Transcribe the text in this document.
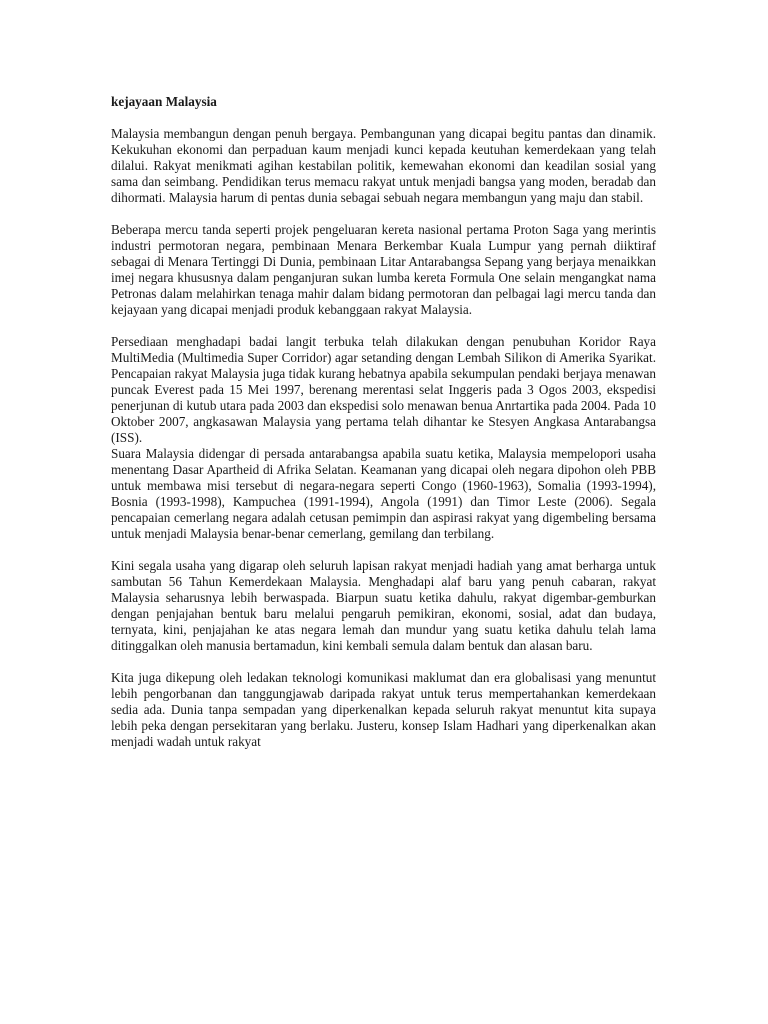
kejayaan Malaysia

Malaysia membangun dengan penuh bergaya. Pembangunan yang dicapai begitu pantas dan dinamik. Kekukuhan ekonomi dan perpaduan kaum menjadi kunci kepada keutuhan kemerdekaan yang telah dilalui. Rakyat menikmati agihan kestabilan politik, kemewahan ekonomi dan keadilan sosial yang sama dan seimbang. Pendidikan terus memacu rakyat untuk menjadi bangsa yang moden, beradab dan dihormati. Malaysia harum di pentas dunia sebagai sebuah negara membangun yang maju dan stabil.

Beberapa mercu tanda seperti projek pengeluaran kereta nasional pertama Proton Saga yang merintis industri permotoran negara, pembinaan Menara Berkembar Kuala Lumpur yang pernah diiktiraf sebagai di Menara Tertinggi Di Dunia, pembinaan Litar Antarabangsa Sepang yang berjaya menaikkan imej negara khususnya dalam penganjuran sukan lumba kereta Formula One selain mengangkat nama Petronas dalam melahirkan tenaga mahir dalam bidang permotoran dan pelbagai lagi mercu tanda dan kejayaan yang dicapai menjadi produk kebanggaan rakyat Malaysia.

Persediaan menghadapi badai langit terbuka telah dilakukan dengan penubuhan Koridor Raya MultiMedia (Multimedia Super Corridor) agar setanding dengan Lembah Silikon di Amerika Syarikat. Pencapaian rakyat Malaysia juga tidak kurang hebatnya apabila sekumpulan pendaki berjaya menawan puncak Everest pada 15 Mei 1997, berenang merentasi selat Inggeris pada 3 Ogos 2003, ekspedisi penerjunan di kutub utara pada 2003 dan ekspedisi solo menawan benua Anrtartika pada 2004. Pada 10 Oktober 2007, angkasawan Malaysia yang pertama telah dihantar ke Stesyen Angkasa Antarabangsa (ISS).

Suara Malaysia didengar di persada antarabangsa apabila suatu ketika, Malaysia mempelopori usaha menentang Dasar Apartheid di Afrika Selatan. Keamanan yang dicapai oleh negara dipohon oleh PBB untuk membawa misi tersebut di negara-negara seperti Congo (1960-1963), Somalia (1993-1994), Bosnia (1993-1998), Kampuchea (1991-1994), Angola (1991) dan Timor Leste (2006). Segala pencapaian cemerlang negara adalah cetusan pemimpin dan aspirasi rakyat yang digembeling bersama untuk menjadi Malaysia benar-benar cemerlang, gemilang dan terbilang.

Kini segala usaha yang digarap oleh seluruh lapisan rakyat menjadi hadiah yang amat berharga untuk sambutan 56 Tahun Kemerdekaan Malaysia. Menghadapi alaf baru yang penuh cabaran, rakyat Malaysia seharusnya lebih berwaspada. Biarpun suatu ketika dahulu, rakyat digembar-gemburkan dengan penjajahan bentuk baru melalui pengaruh pemikiran, ekonomi, sosial, adat dan budaya, ternyata, kini, penjajahan ke atas negara lemah dan mundur yang suatu ketika dahulu telah lama ditinggalkan oleh manusia bertamadun, kini kembali semula dalam bentuk dan alasan baru.

Kita juga dikepung oleh ledakan teknologi komunikasi maklumat dan era globalisasi yang menuntut lebih pengorbanan dan tanggungjawab daripada rakyat untuk terus mempertahankan kemerdekaan sedia ada. Dunia tanpa sempadan yang diperkenalkan kepada seluruh rakyat menuntut kita supaya lebih peka dengan persekitaran yang berlaku. Justeru, konsep Islam Hadhari yang diperkenalkan akan menjadi wadah untuk rakyat
